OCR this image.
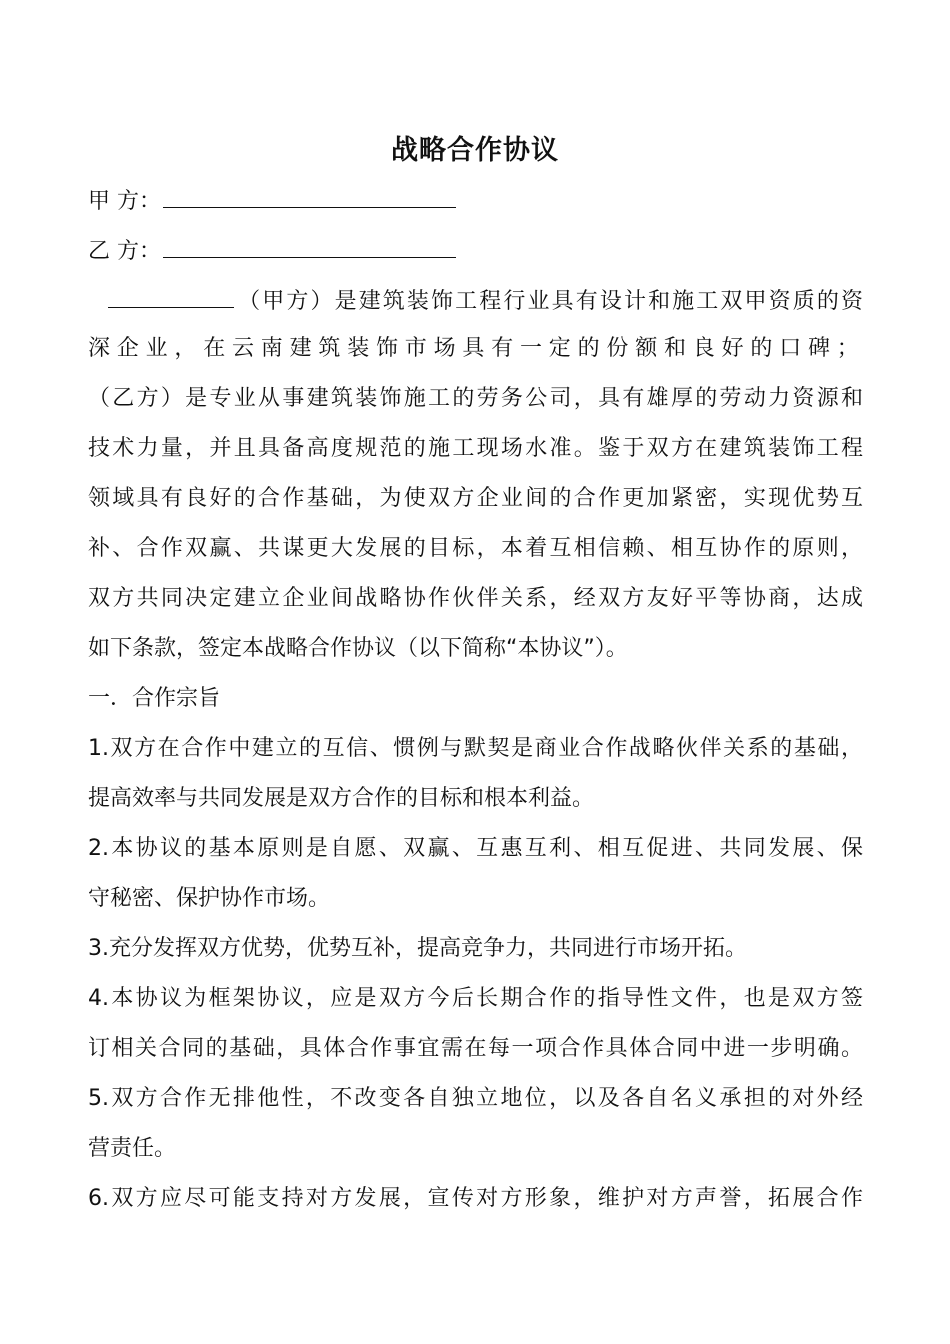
战略合作协议
甲 方：
乙 方：
（甲方）是建筑装饰工程行业具有设计和施工双甲资质的资
深企业，在云南建筑装饰市场具有一定的份额和良好的口碑；
（乙方）是专业从事建筑装饰施工的劳务公司，具有雄厚的劳动力资源和
技术力量，并且具备高度规范的施工现场水准。鉴于双方在建筑装饰工程
领域具有良好的合作基础，为使双方企业间的合作更加紧密，实现优势互
补、合作双赢、共谋更大发展的目标，本着互相信赖、相互协作的原则，
双方共同决定建立企业间战略协作伙伴关系，经双方友好平等协商，达成
如下条款，签定本战略合作协议（以下简称“本协议”）。
一．合作宗旨
1.双方在合作中建立的互信、惯例与默契是商业合作战略伙伴关系的基础，
提高效率与共同发展是双方合作的目标和根本利益。
2.本协议的基本原则是自愿、双赢、互惠互利、相互促进、共同发展、保
守秘密、保护协作市场。
3.充分发挥双方优势，优势互补，提高竞争力，共同进行市场开拓。
4.本协议为框架协议，应是双方今后长期合作的指导性文件，也是双方签
订相关合同的基础，具体合作事宜需在每一项合作具体合同中进一步明确。
5.双方合作无排他性，不改变各自独立地位，以及各自名义承担的对外经
营责任。
6.双方应尽可能支持对方发展，宣传对方形象，维护对方声誉，拓展合作
